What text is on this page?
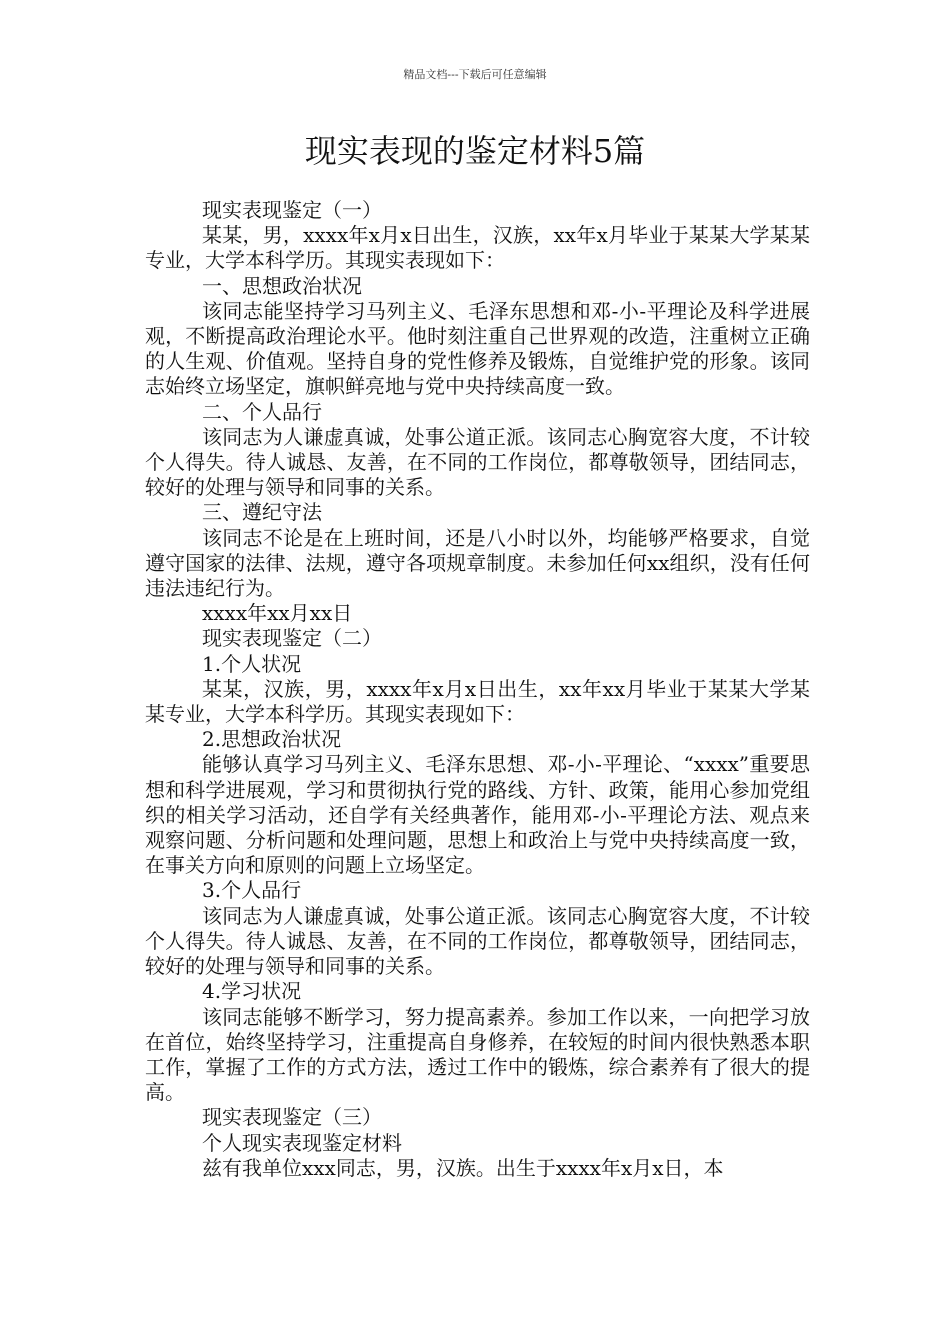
精品文档---下载后可任意编辑
现实表现的鉴定材料5篇

现实表现鉴定（一）

某某，男，xxxx年x月x日出生，汉族，xx年x月毕业于某某大学某某专业，大学本科学历。其现实表现如下：

一、思想政治状况

该同志能坚持学习马列主义、毛泽东思想和邓-小-平理论及科学进展观，不断提高政治理论水平。他时刻注重自己世界观的改造，注重树立正确的人生观、价值观。坚持自身的党性修养及锻炼，自觉维护党的形象。该同志始终立场坚定，旗帜鲜亮地与党中央持续高度一致。

二、个人品行

该同志为人谦虚真诚，处事公道正派。该同志心胸宽容大度，不计较个人得失。待人诚恳、友善，在不同的工作岗位，都尊敬领导，团结同志，较好的处理与领导和同事的关系。

三、遵纪守法

该同志不论是在上班时间，还是八小时以外，均能够严格要求，自觉遵守国家的法律、法规，遵守各项规章制度。未参加任何xx组织，没有任何违法违纪行为。

xxxx年xx月xx日

现实表现鉴定（二）

1.个人状况

某某，汉族，男，xxxx年x月x日出生，xx年xx月毕业于某某大学某某专业，大学本科学历。其现实表现如下：

2.思想政治状况

能够认真学习马列主义、毛泽东思想、邓-小-平理论、“xxxx”重要思想和科学进展观，学习和贯彻执行党的路线、方针、政策，能用心参加党组织的相关学习活动，还自学有关经典著作，能用邓-小-平理论方法、观点来观察问题、分析问题和处理问题，思想上和政治上与党中央持续高度一致，在事关方向和原则的问题上立场坚定。

3.个人品行

该同志为人谦虚真诚，处事公道正派。该同志心胸宽容大度，不计较个人得失。待人诚恳、友善，在不同的工作岗位，都尊敬领导，团结同志，较好的处理与领导和同事的关系。

4.学习状况

该同志能够不断学习，努力提高素养。参加工作以来，一向把学习放在首位，始终坚持学习，注重提高自身修养，在较短的时间内很快熟悉本职工作，掌握了工作的方式方法，透过工作中的锻炼，综合素养有了很大的提高。

现实表现鉴定（三）

个人现实表现鉴定材料

兹有我单位xxx同志，男，汉族。出生于xxxx年x月x日，本
